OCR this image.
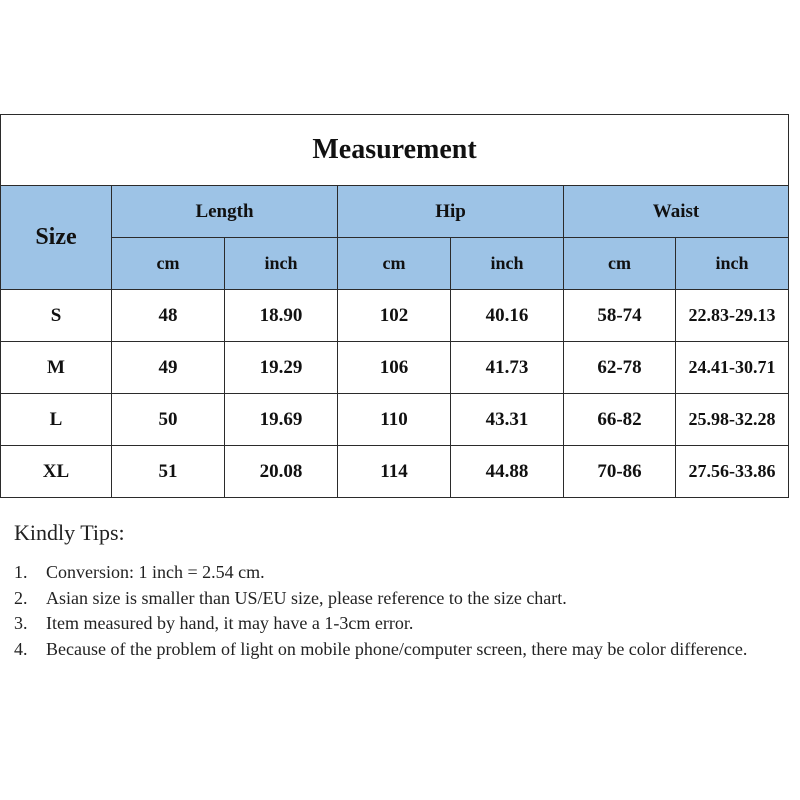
Measurement						
Size	Length		Hip		Waist	
	cm	inch	cm	inch	cm	inch
S	48	18.90	102	40.16	58-74	22.83-29.13
M	49	19.29	106	41.73	62-78	24.41-30.71
L	50	19.69	110	43.31	66-82	25.98-32.28
XL	51	20.08	114	44.88	70-86	27.56-33.86

Kindly Tips:

1. Conversion: 1 inch = 2.54 cm.
2. Asian size is smaller than US/EU size, please reference to the size chart.
3. Item measured by hand, it may have a 1-3cm error.
4. Because of the problem of light on mobile phone/computer screen, there may be color difference.
